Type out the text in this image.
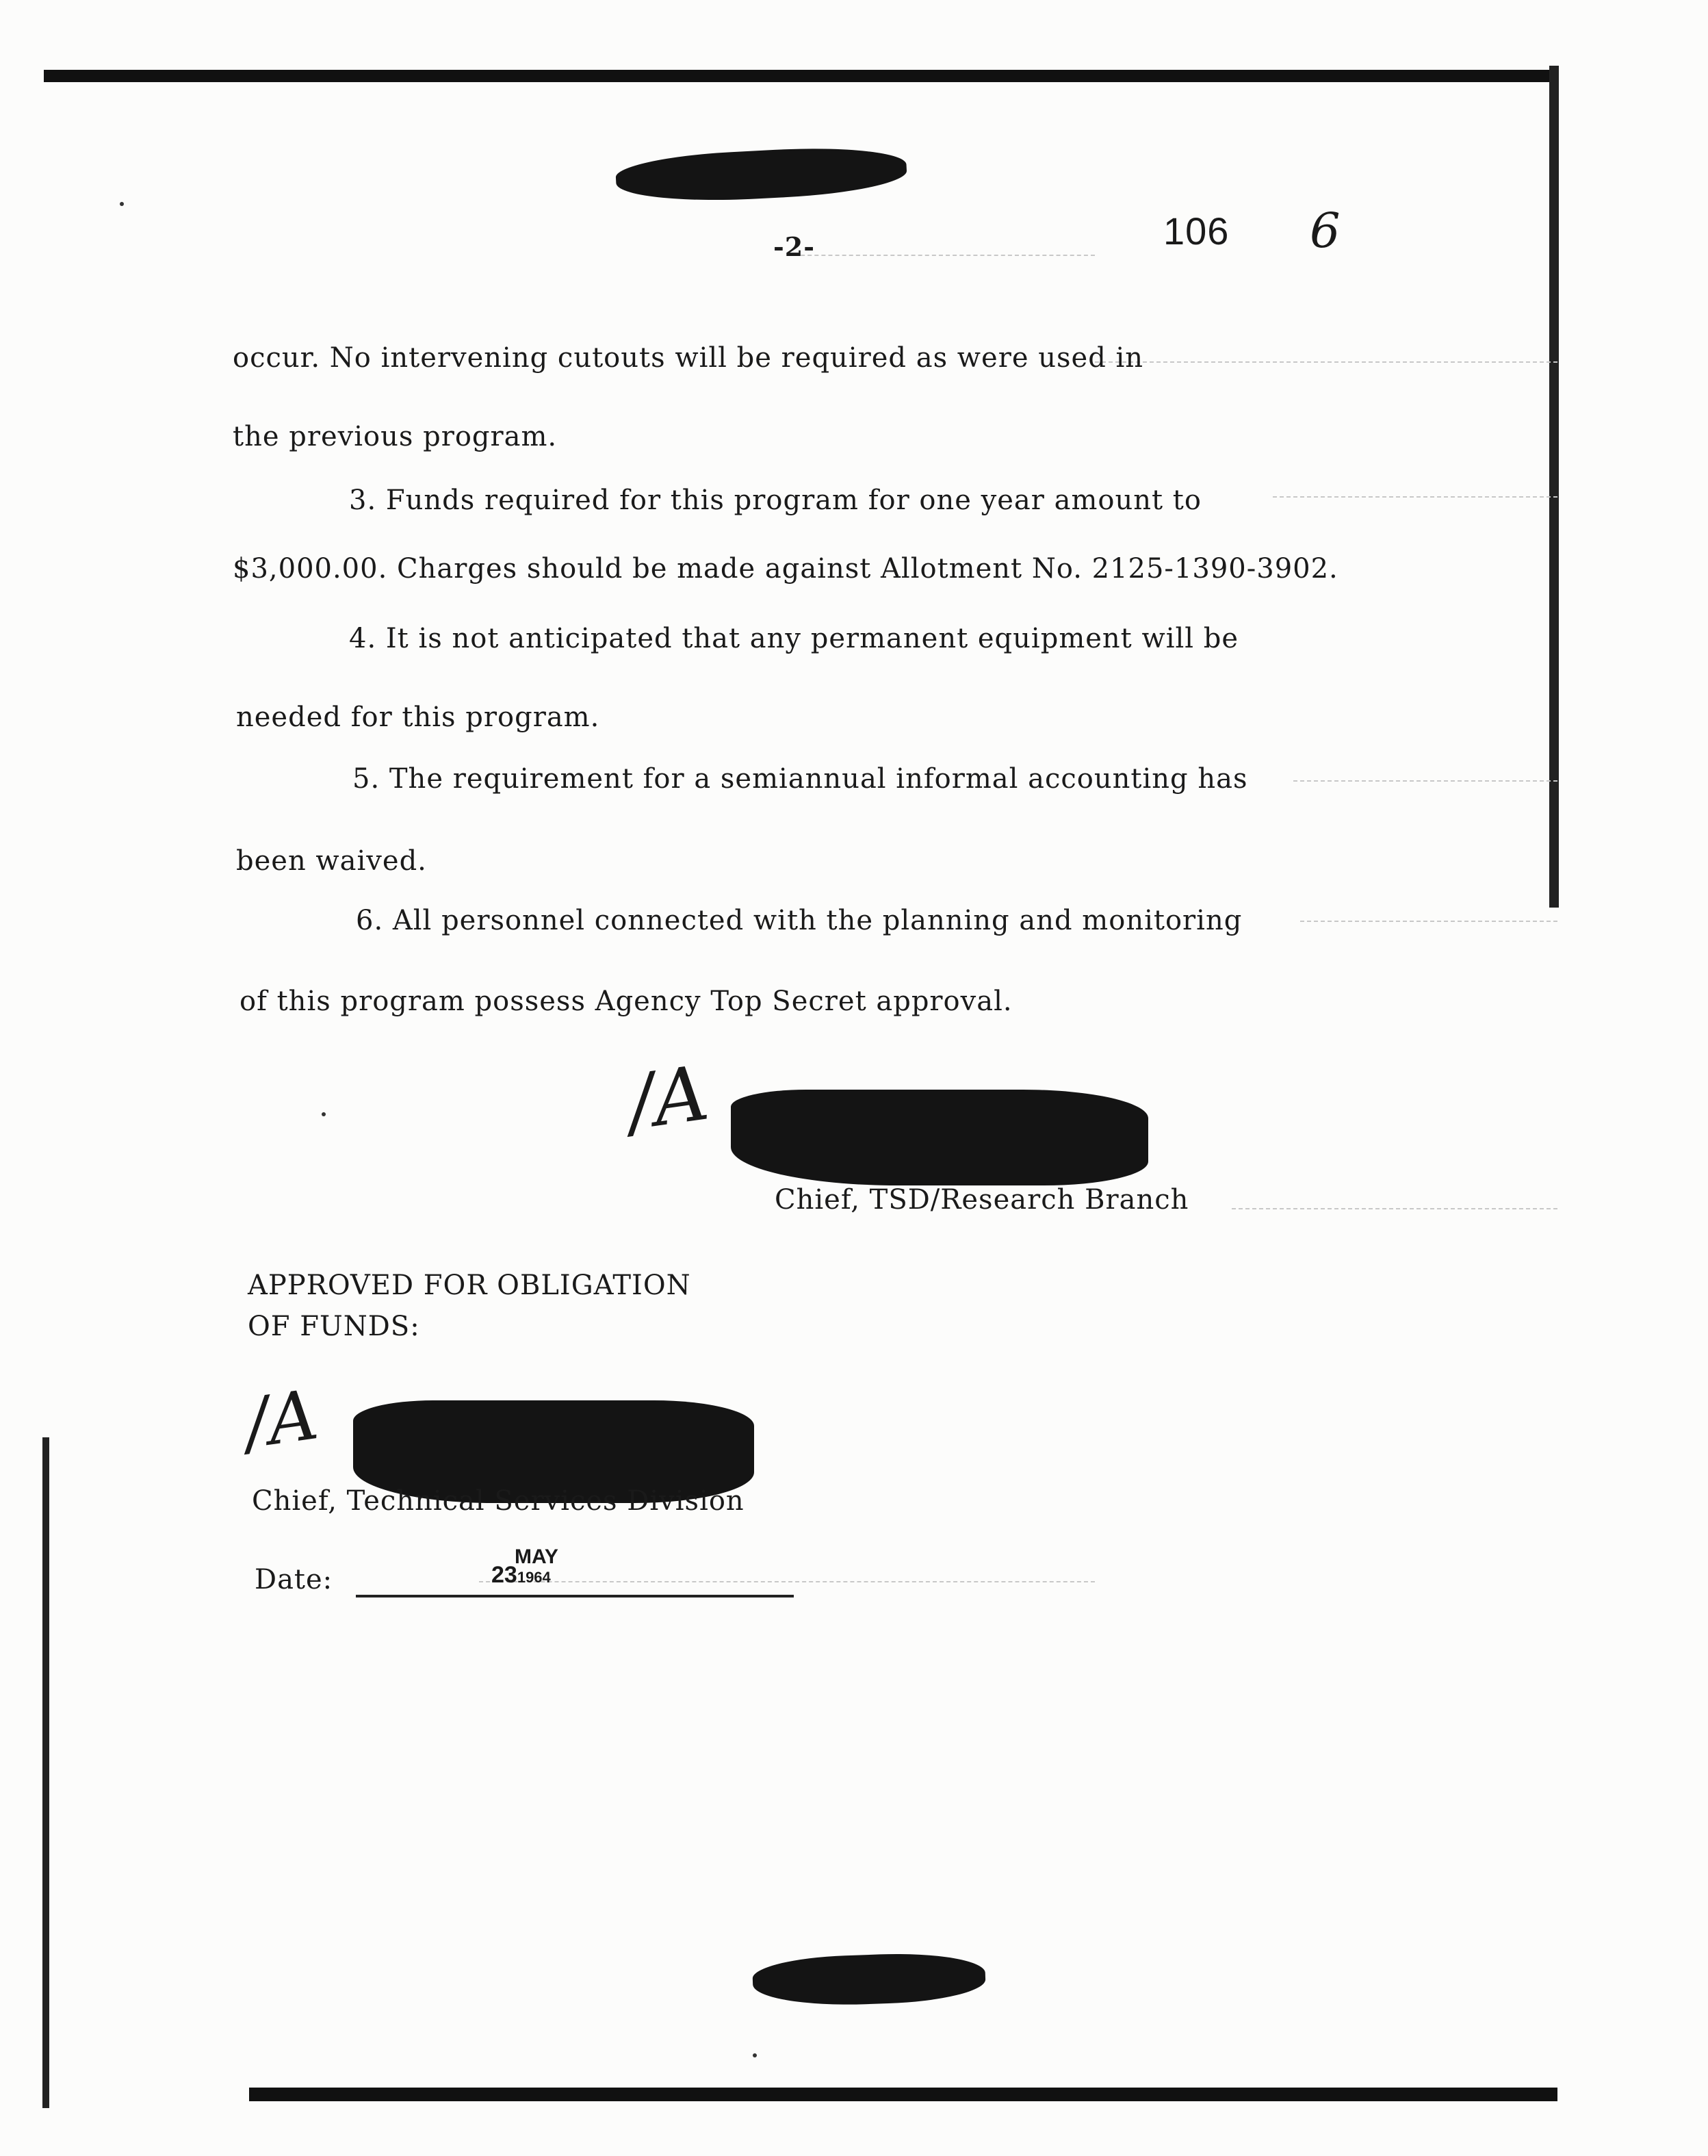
-2-	106 6
occur. No intervening cutouts will be required as were used in
the previous program.
3. Funds required for this program for one year amount to
$3,000.00. Charges should be made against Allotment No. 2125-1390-3902.
4. It is not anticipated that any permanent equipment will be
needed for this program.
5. The requirement for a semiannual informal accounting has
been waived.
6. All personnel connected with the planning and monitoring
of this program possess Agency Top Secret approval.
/A
Chief, TSD/Research Branch
APPROVED FOR OBLIGATION
OF FUNDS:
/A
Chief, Technical Services Division
Date:
MAY
231964
